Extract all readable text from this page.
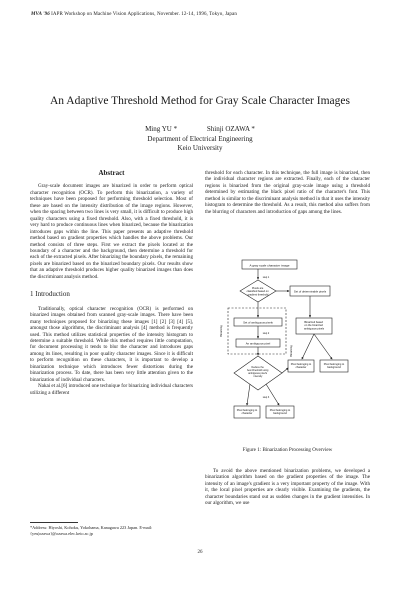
MVA '96 IAPR Workshop on Machine Vision Applications, November. 12-14, 1996, Tokyo, Japan
An Adaptive Threshold Method for Gray Scale Character Images
Ming YU *	Shinji OZAWA *
Department of Electrical Engineering
Keio University
Abstract

Gray-scale document images are binarized in order to perform optical character recognition (OCR). To perform this binarization, a variety of techniques have been proposed for performing threshold selection. Most of these are based on the intensity distribution of the image regions. However, when the spacing between two lines is very small, it is difficult to produce high quality characters using a fixed threshold. Also, with a fixed threshold, it is very hard to produce continuous lines when binarized, because the binarization introduces gaps within the line. This paper presents an adaptive threshold method based on gradient properties which handles the above problems. Our method consists of three steps. First we extract the pixels located at the boundary of a character and the background, then determine a threshold for each of the extracted pixels. After binarizing the boundary pixels, the remaining pixels are binarized based on the binarized boundary pixels. Our results show that an adaptive threshold produces higher quality binarized images than does the discriminant analysis method.

1 Introduction

Traditionally, optical character recognition (OCR) is performed on binarized images obtained from scanned gray-scale images. There have been many techniques proposed for binarizing these images [1] [2] [3] [4] [5], amongst those algorithms, the discriminant analysis [4] method is frequently used. This method utilizes statistical properties of the intensity histogram to determine a suitable threshold. While this method requires little computation, for document processing it tends to blur the character and introduces gaps among its lines, resulting in poor quality character images. Since it is difficult to perform recognition on these characters, it is important to develop a binarization technique which introduces fewer distortions during the binarization process. To date, there has been very little attention given to the binarization of individual characters.

Nakai et al.[6] introduced one technique for binarizing individual characters utilizing a different

*Address: Hiyoshi, Kohoku, Yokohama, Kanagawa 223 Japan. E-mail: {yeu|ozawa}@ozawa.elec.keio.ac.jp

threshold for each character. In this technique, the full image is binarized, then the individual character regions are extracted. Finally, each of the character regions is binarized from the original gray-scale image using a threshold determined by estimating the black pixel ratio of the character's font. This method is similar to the discriminant analysis method in that it uses the intensity histogram to determine the threshold. As a result, this method also suffers from the blurring of characters and introduction of gaps among the lines.

A gray scale character image
Pixels are classified based on gradient threshold
Set of determinable pixels
Set of ambiguous pixels	Binarized based on the binarized ambiguous pixels
An ambiguous pixel
Deduce the best threshold using ambiguous pixel's intensity
Pixel belonging to character
Pixel belonging to background
Pixel belonging to character
Pixel belonging to background
step 1
step 2
step 3
Binarizing
Binarizing
Figure 1: Binarization Processing Overview

To avoid the above mentioned binarization problems, we developed a binarization algorithm based on the gradient properties of the image. The intensity of an image's gradient is a very important property of the image. With it, the local pixel properties are clearly visible. Examining the gradients, the character boundaries stand out as sudden changes in the gradient intensities. In our algorithm, we use

26
